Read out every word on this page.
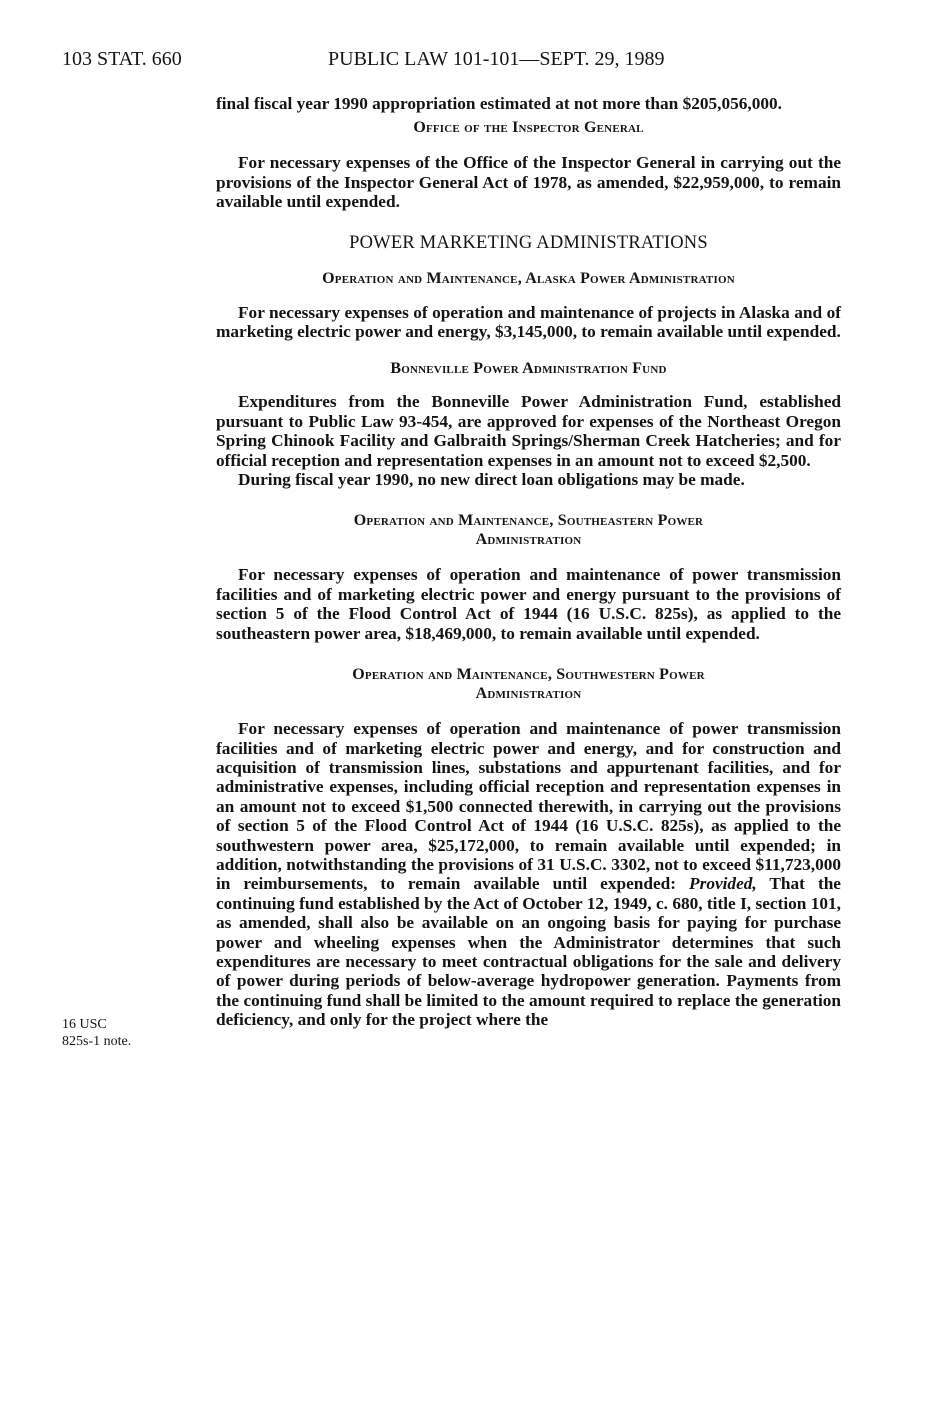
103 STAT. 660	PUBLIC LAW 101-101—SEPT. 29, 1989

final fiscal year 1990 appropriation estimated at not more than $205,056,000.

Office of the Inspector General

For necessary expenses of the Office of the Inspector General in carrying out the provisions of the Inspector General Act of 1978, as amended, $22,959,000, to remain available until expended.

POWER MARKETING ADMINISTRATIONS

Operation and Maintenance, Alaska Power Administration

For necessary expenses of operation and maintenance of projects in Alaska and of marketing electric power and energy, $3,145,000, to remain available until expended.

Bonneville Power Administration Fund

Expenditures from the Bonneville Power Administration Fund, established pursuant to Public Law 93-454, are approved for expenses of the Northeast Oregon Spring Chinook Facility and Galbraith Springs/Sherman Creek Hatcheries; and for official reception and representation expenses in an amount not to exceed $2,500.

During fiscal year 1990, no new direct loan obligations may be made.

Operation and Maintenance, Southeastern Power

Administration

For necessary expenses of operation and maintenance of power transmission facilities and of marketing electric power and energy pursuant to the provisions of section 5 of the Flood Control Act of 1944 (16 U.S.C. 825s), as applied to the southeastern power area, $18,469,000, to remain available until expended.

Operation and Maintenance, Southwestern Power

Administration

For necessary expenses of operation and maintenance of power transmission facilities and of marketing electric power and energy, and for construction and acquisition of transmission lines, substations and appurtenant facilities, and for administrative expenses, including official reception and representation expenses in an amount not to exceed $1,500 connected therewith, in carrying out the provisions of section 5 of the Flood Control Act of 1944 (16 U.S.C. 825s), as applied to the southwestern power area, $25,172,000, to remain available until expended; in addition, notwithstanding the provisions of 31 U.S.C. 3302, not to exceed $11,723,000 in reimbursements, to remain available until expended: Provided, That the continuing fund established by the Act of October 12, 1949, c. 680, title I, section 101, as amended, shall also be available on an ongoing basis for paying for purchase power and wheeling expenses when the Administrator determines that such expenditures are necessary to meet contractual obligations for the sale and delivery of power during periods of below-average hydropower generation. Payments from the continuing fund shall be limited to the amount required to replace the generation deficiency, and only for the project where the

16 USC
825s-1 note.
